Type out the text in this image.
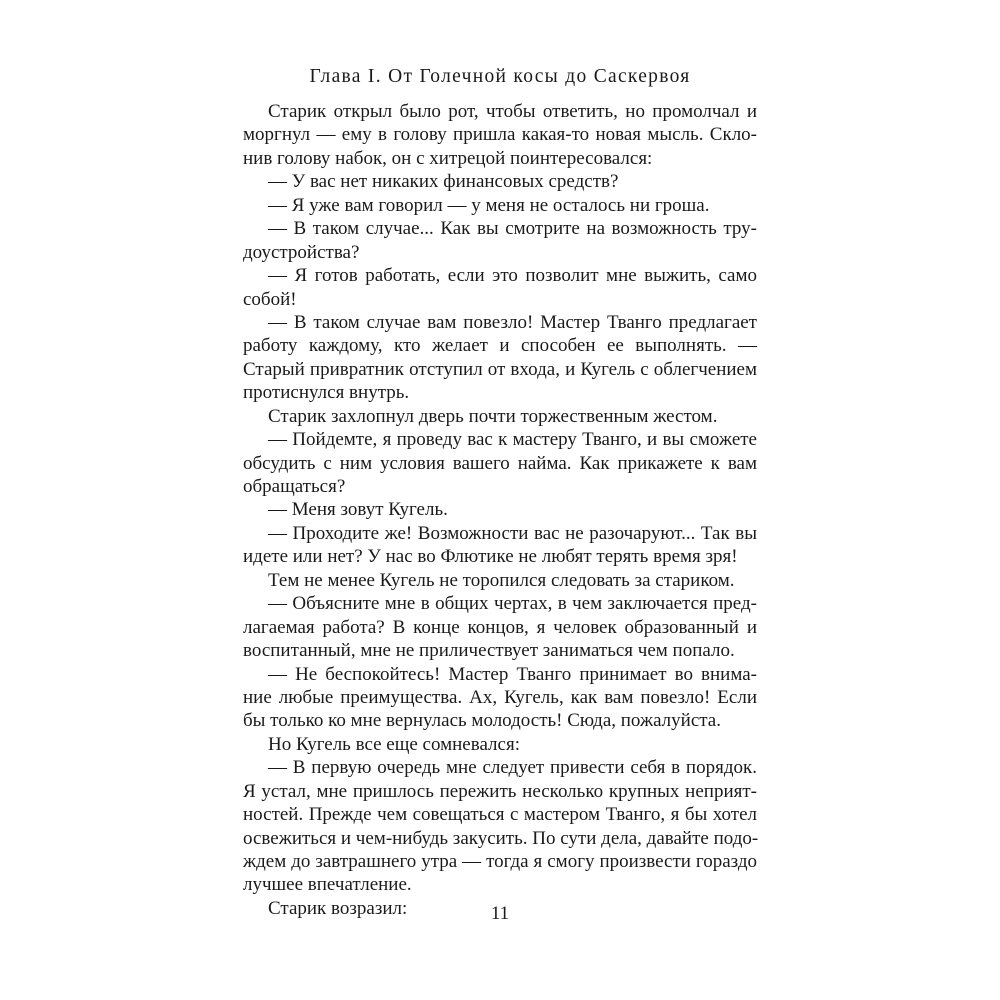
Глава I. От Голечной косы до Саскервоя
Старик открыл было рот, чтобы ответить, но промолчал и
моргнул — ему в голову пришла какая-то новая мысль. Скло-
нив голову набок, он с хитрецой поинтересовался:
— У вас нет никаких финансовых средств?
— Я уже вам говорил — у меня не осталось ни гроша.
— В таком случае... Как вы смотрите на возможность тру-
доустройства?
— Я готов работать, если это позволит мне выжить, само
собой!
— В таком случае вам повезло! Мастер Тванго предлагает
работу каждому, кто желает и способен ее выполнять. —
Старый привратник отступил от входа, и Кугель с облегчением
протиснулся внутрь.
Старик захлопнул дверь почти торжественным жестом.
— Пойдемте, я проведу вас к мастеру Тванго, и вы сможете
обсудить с ним условия вашего найма. Как прикажете к вам
обращаться?
— Меня зовут Кугель.
— Проходите же! Возможности вас не разочаруют... Так вы
идете или нет? У нас во Флютике не любят терять время зря!
Тем не менее Кугель не торопился следовать за стариком.
— Объясните мне в общих чертах, в чем заключается пред-
лагаемая работа? В конце концов, я человек образованный и
воспитанный, мне не приличествует заниматься чем попало.
— Не беспокойтесь! Мастер Тванго принимает во внима-
ние любые преимущества. Ах, Кугель, как вам повезло! Если
бы только ко мне вернулась молодость! Сюда, пожалуйста.
Но Кугель все еще сомневался:
— В первую очередь мне следует привести себя в порядок.
Я устал, мне пришлось пережить несколько крупных неприят-
ностей. Прежде чем совещаться с мастером Тванго, я бы хотел
освежиться и чем-нибудь закусить. По сути дела, давайте подо-
ждем до завтрашнего утра — тогда я смогу произвести гораздо
лучшее впечатление.
Старик возразил:	11
